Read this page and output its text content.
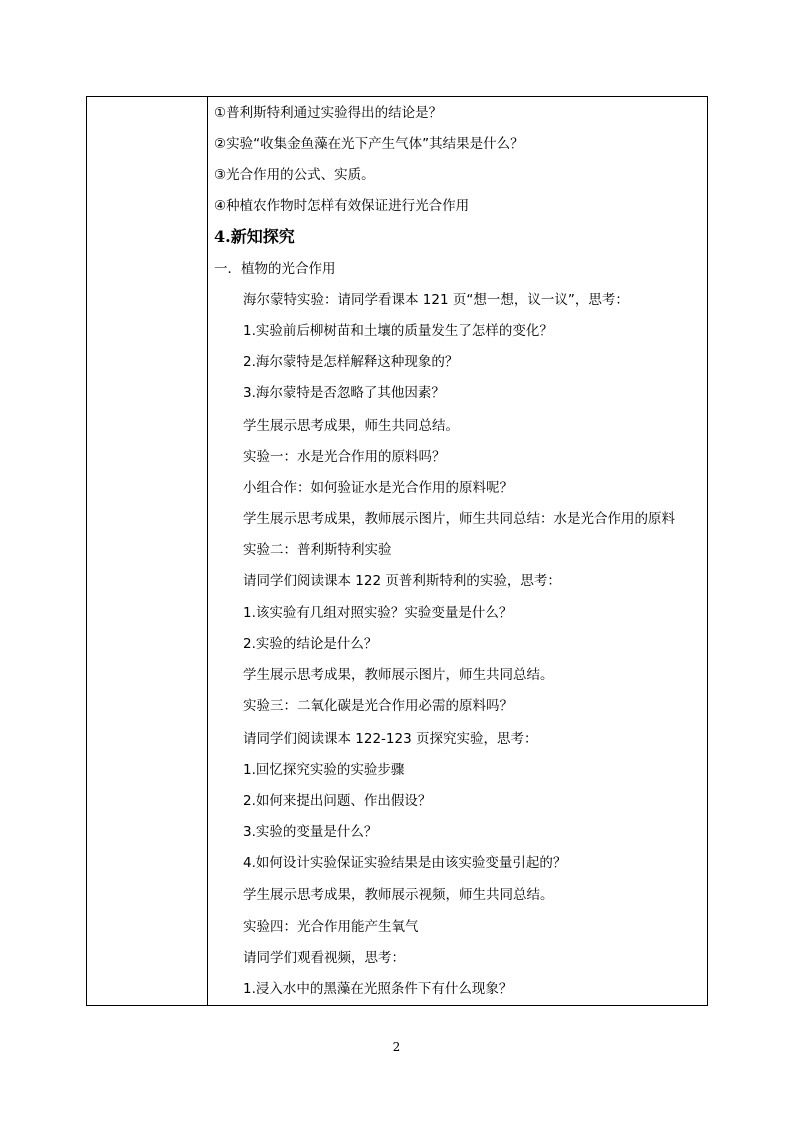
①普利斯特利通过实验得出的结论是？
②实验“收集金鱼藻在光下产生气体”其结果是什么？
③光合作用的公式、实质。
④种植农作物时怎样有效保证进行光合作用
4.新知探究
一．植物的光合作用
海尔蒙特实验：请同学看课本 121 页“想一想，议一议”，思考：
1.实验前后柳树苗和土壤的质量发生了怎样的变化？
2.海尔蒙特是怎样解释这种现象的？
3.海尔蒙特是否忽略了其他因素？
学生展示思考成果，师生共同总结。
实验一：水是光合作用的原料吗？
小组合作：如何验证水是光合作用的原料呢？
学生展示思考成果，教师展示图片，师生共同总结：水是光合作用的原料
实验二：普利斯特利实验
请同学们阅读课本 122 页普利斯特利的实验，思考：
1.该实验有几组对照实验？实验变量是什么？
2.实验的结论是什么？
学生展示思考成果，教师展示图片，师生共同总结。
实验三：二氧化碳是光合作用必需的原料吗？
请同学们阅读课本 122-123 页探究实验，思考：
1.回忆探究实验的实验步骤
2.如何来提出问题、作出假设？
3.实验的变量是什么？
4.如何设计实验保证实验结果是由该实验变量引起的？
学生展示思考成果，教师展示视频，师生共同总结。
实验四：光合作用能产生氧气
请同学们观看视频，思考：
1.浸入水中的黑藻在光照条件下有什么现象？
2
